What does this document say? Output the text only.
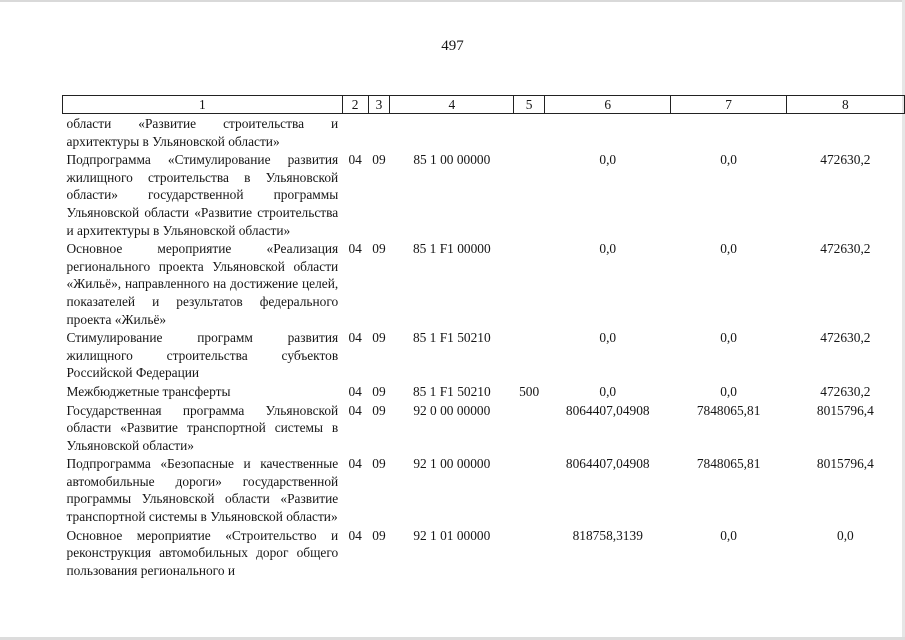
497
1	2	3	4	5	6	7	8
области «Развитие строительства и архитектуры в Ульяновской области»							
Подпрограмма «Стимулирование развития жилищного строительства в Ульяновской области» государственной программы Ульяновской области «Развитие строительства и архитектуры в Ульяновской области»	04	09	85 1 00 00000		0,0	0,0	472630,2
Основное мероприятие «Реализация регионального проекта Ульяновской области «Жильё», направленного на достижение целей, показателей и результатов федерального проекта «Жильё»	04	09	85 1 F1 00000		0,0	0,0	472630,2
Стимулирование программ развития жилищного строительства субъектов Российской Федерации	04	09	85 1 F1 50210		0,0	0,0	472630,2
Межбюджетные трансферты	04	09	85 1 F1 50210	500	0,0	0,0	472630,2
Государственная программа Ульяновской области «Развитие транспортной системы в Ульяновской области»	04	09	92 0 00 00000		8064407,04908	7848065,81	8015796,4
Подпрограмма «Безопасные и качественные автомобильные дороги» государственной программы Ульяновской области «Развитие транспортной системы в Ульяновской области»	04	09	92 1 00 00000		8064407,04908	7848065,81	8015796,4
Основное мероприятие «Строительство и реконструкция автомобильных дорог общего пользования регионального и	04	09	92 1 01 00000		818758,3139	0,0	0,0
